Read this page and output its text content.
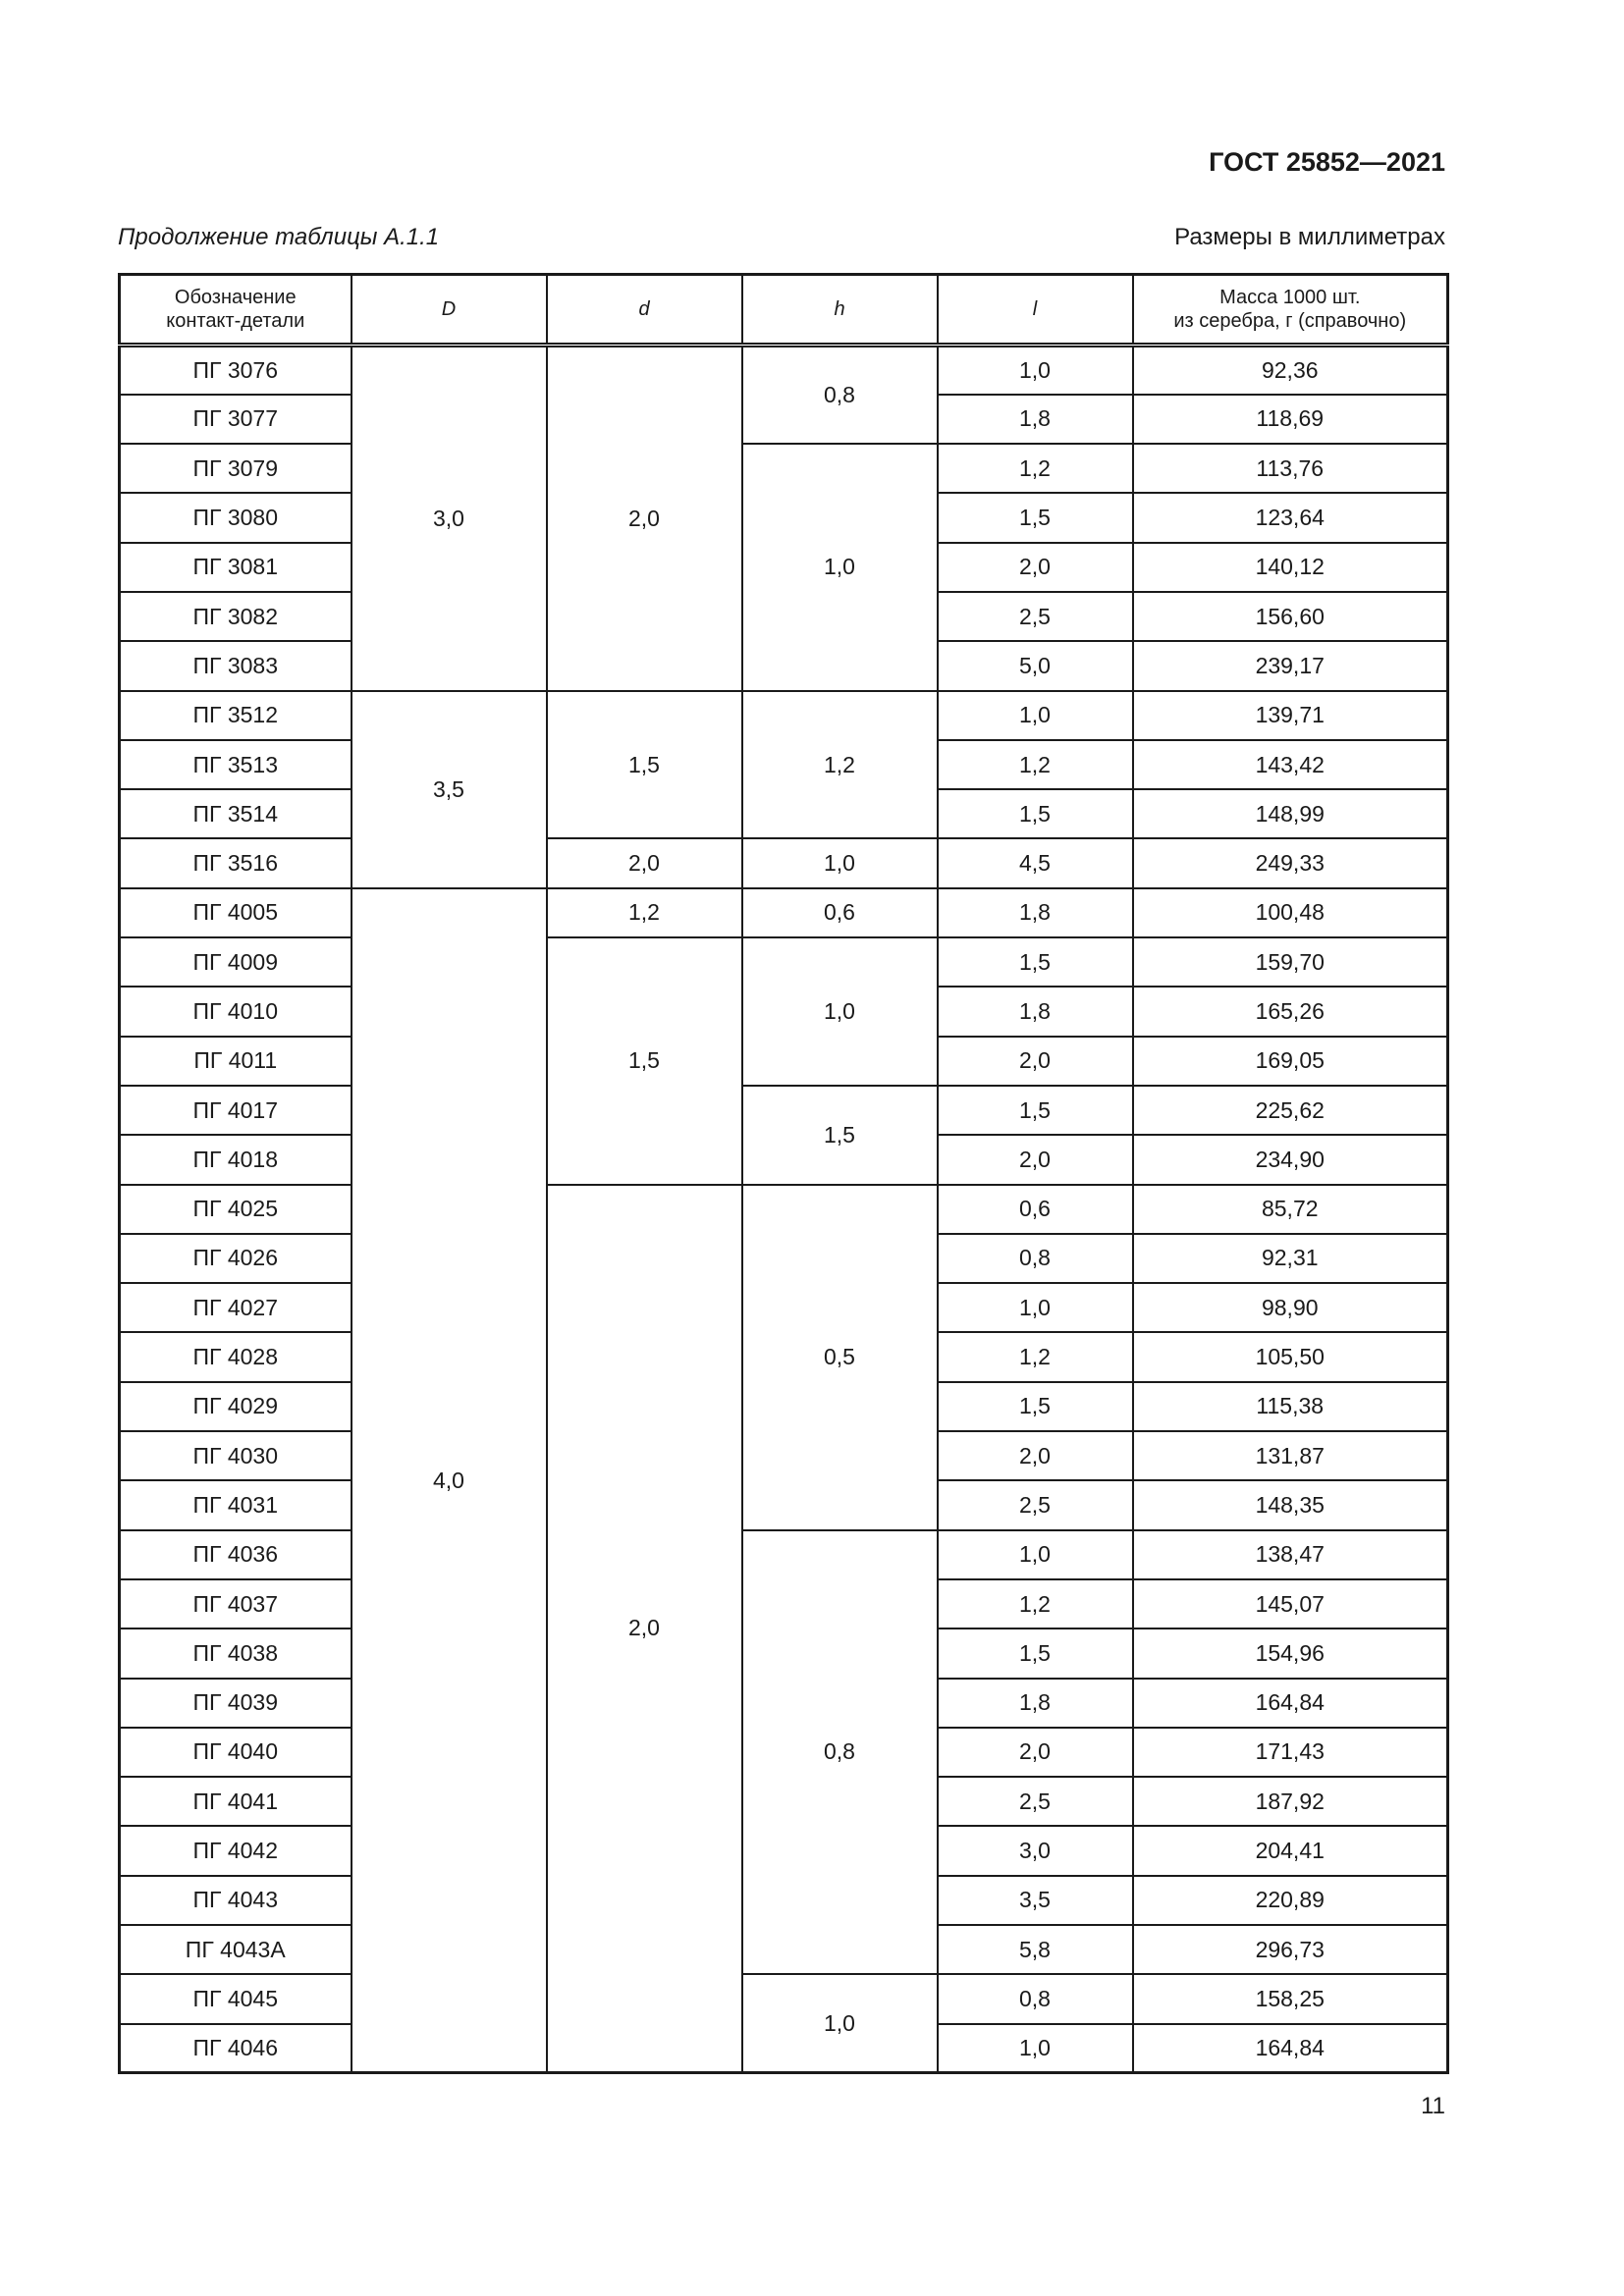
ГОСТ 25852—2021
Продолжение таблицы А.1.1	Размеры в миллиметрах
Обозначение
контакт-детали	D	d	h	l	Масса 1000 шт.
из серебра, г (справочно)
ПГ 3076	3,0	2,0	0,8	1,0	92,36
ПГ 3077				1,8	118,69
ПГ 3079			1,0	1,2	113,76
ПГ 3080				1,5	123,64
ПГ 3081				2,0	140,12
ПГ 3082				2,5	156,60
ПГ 3083				5,0	239,17
ПГ 3512	3,5	1,5	1,2	1,0	139,71
ПГ 3513				1,2	143,42
ПГ 3514				1,5	148,99
ПГ 3516		2,0	1,0	4,5	249,33
ПГ 4005	4,0	1,2	0,6	1,8	100,48
ПГ 4009		1,5	1,0	1,5	159,70
ПГ 4010				1,8	165,26
ПГ 4011				2,0	169,05
ПГ 4017			1,5	1,5	225,62
ПГ 4018				2,0	234,90
ПГ 4025		2,0	0,5	0,6	85,72
ПГ 4026				0,8	92,31
ПГ 4027				1,0	98,90
ПГ 4028				1,2	105,50
ПГ 4029				1,5	115,38
ПГ 4030				2,0	131,87
ПГ 4031				2,5	148,35
ПГ 4036			0,8	1,0	138,47
ПГ 4037				1,2	145,07
ПГ 4038				1,5	154,96
ПГ 4039				1,8	164,84
ПГ 4040				2,0	171,43
ПГ 4041				2,5	187,92
ПГ 4042				3,0	204,41
ПГ 4043				3,5	220,89
ПГ 4043А				5,8	296,73
ПГ 4045			1,0	0,8	158,25
ПГ 4046				1,0	164,84
11
